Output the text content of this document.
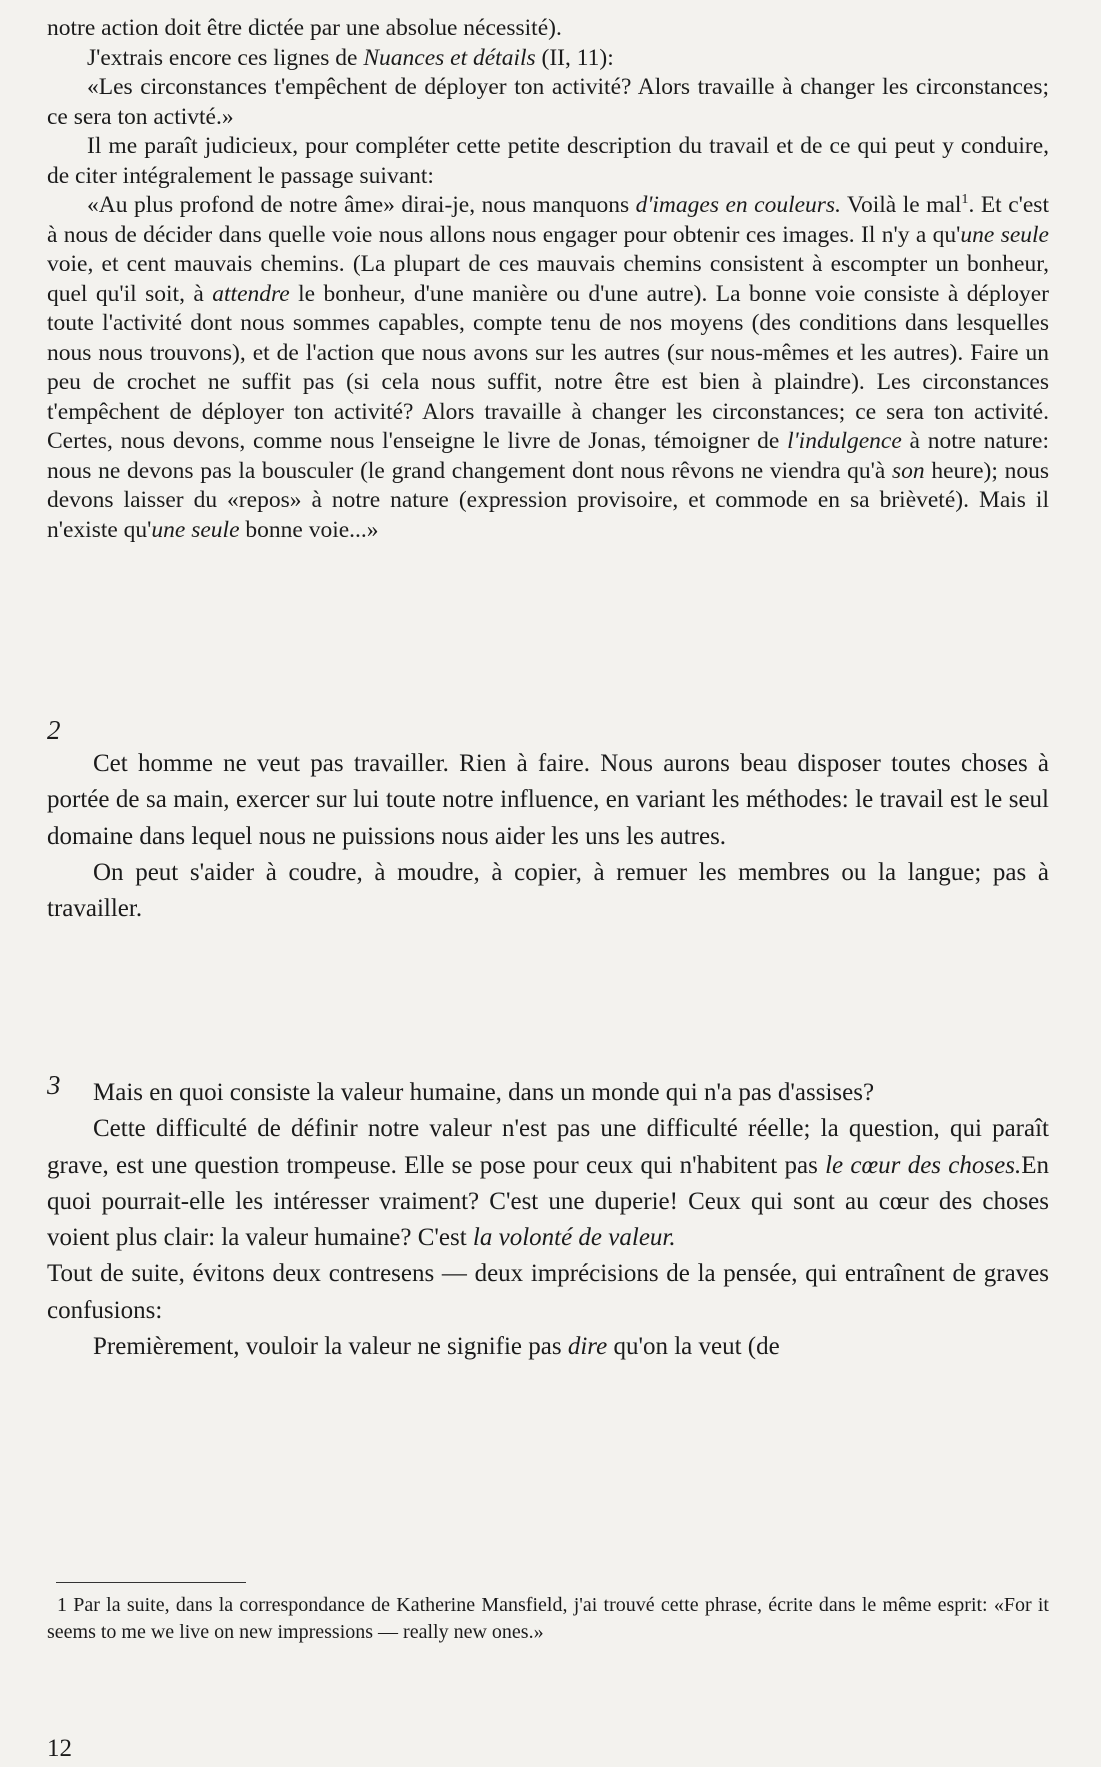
notre action doit être dictée par une absolue nécessité).

J'extrais encore ces lignes de Nuances et détails (II, 11):

«Les circonstances t'empêchent de déployer ton activité? Alors travaille à changer les circonstances; ce sera ton activté.»

Il me paraît judicieux, pour compléter cette petite description du travail et de ce qui peut y conduire, de citer intégralement le passage suivant:

«Au plus profond de notre âme» dirai-je, nous manquons d'images en couleurs. Voilà le mal$^1$. Et c'est à nous de décider dans quelle voie nous allons nous engager pour obtenir ces images. Il n'y a qu'une seule voie, et cent mauvais chemins. (La plupart de ces mauvais chemins consistent à escompter un bonheur, quel qu'il soit, à attendre le bonheur, d'une manière ou d'une autre). La bonne voie consiste à déployer toute l'activité dont nous sommes capables, compte tenu de nos moyens (des conditions dans lesquelles nous nous trouvons), et de l'action que nous avons sur les autres (sur nous-mêmes et les autres). Faire un peu de crochet ne suffit pas (si cela nous suffit, notre être est bien à plaindre). Les circonstances t'empêchent de déployer ton activité? Alors travaille à changer les circonstances; ce sera ton activité. Certes, nous devons, comme nous l'enseigne le livre de Jonas, témoigner de l'indulgence à notre nature: nous ne devons pas la bousculer (le grand changement dont nous rêvons ne viendra qu'à son heure); nous devons laisser du «repos» à notre nature (expression provisoire, et commode en sa brièveté). Mais il n'existe qu'une seule bonne voie...»

2

Cet homme ne veut pas travailler. Rien à faire. Nous aurons beau disposer toutes choses à portée de sa main, exercer sur lui toute notre influence, en variant les méthodes: le travail est le seul domaine dans lequel nous ne puissions nous aider les uns les autres.

On peut s'aider à coudre, à moudre, à copier, à remuer les membres ou la langue; pas à travailler.

3	Mais en quoi consiste la valeur humaine, dans un monde qui n'a pas d'assises?

Cette difficulté de définir notre valeur n'est pas une difficulté réelle; la question, qui paraît grave, est une question trompeuse. Elle se pose pour ceux qui n'habitent pas le cœur des choses.En quoi pourrait-elle les intéresser vraiment? C'est une duperie! Ceux qui sont au cœur des choses voient plus clair: la valeur humaine? C'est la volonté de valeur.

Tout de suite, évitons deux contresens — deux imprécisions de la pensée, qui entraînent de graves confusions:

Premièrement, vouloir la valeur ne signifie pas dire qu'on la veut (de

1 Par la suite, dans la correspondance de Katherine Mansfield, j'ai trouvé cette phrase, écrite dans le même esprit: «For it seems to me we live on new impressions — really new ones.»

12
